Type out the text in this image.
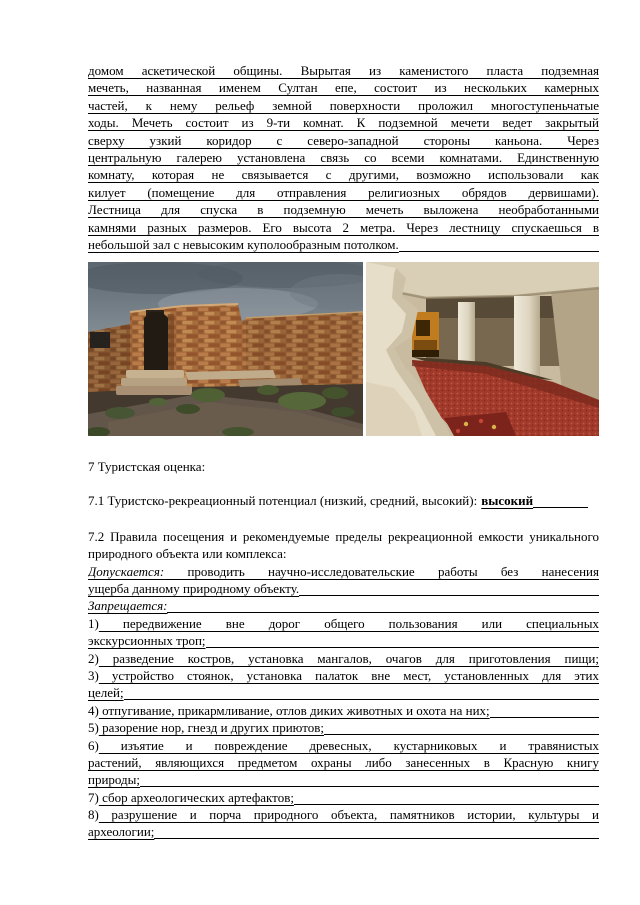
домом аскетической общины. Вырытая из каменистого пласта подземная
мечеть, названная именем Султан епе, состоит из нескольких камерных
частей, к нему рельеф земной поверхности проложил многоступеньчатые
ходы. Мечеть состоит из 9-ти комнат. К подземной мечети ведет закрытый
сверху узкий коридор с северо-западной стороны каньона. Через
центральную галерею установлена связь со всеми комнатами. Единственную
комнату, которая не связывается с другими, возможно использовали как
килует (помещение для отправления религиозных обрядов дервишами).
Лестница для спуска в подземную мечеть выложена необработанными
камнями разных размеров. Его высота 2 метра. Через лестницу спускаешься в
небольшой зал с невысоким куполообразным потолком.
7 Туристская оценка:
7.1 Туристско-рекреационный потенциал (низкий, средний, высокий): высокий
7.2 Правила посещения и рекомендуемые пределы рекреационной емкости уникального
природного объекта или комплекса:
Допускается: проводить научно-исследовательские работы без нанесения
ущерба данному природному объекту.
Запрещается:
1) передвижение вне дорог общего пользования или специальных
экскурсионных троп;
2) разведение костров, установка мангалов, очагов для приготовления пищи;
3) устройство стоянок, установка палаток вне мест, установленных для этих
целей;
4) отпугивание, прикармливание, отлов диких животных и охота на них;
5) разорение нор, гнезд и других приютов;
6) изъятие и повреждение древесных, кустарниковых и травянистых
растений, являющихся предметом охраны либо занесенных в Красную книгу
природы;
7) сбор археологических артефактов;
8) разрушение и порча природного объекта, памятников истории, культуры и
археологии;
